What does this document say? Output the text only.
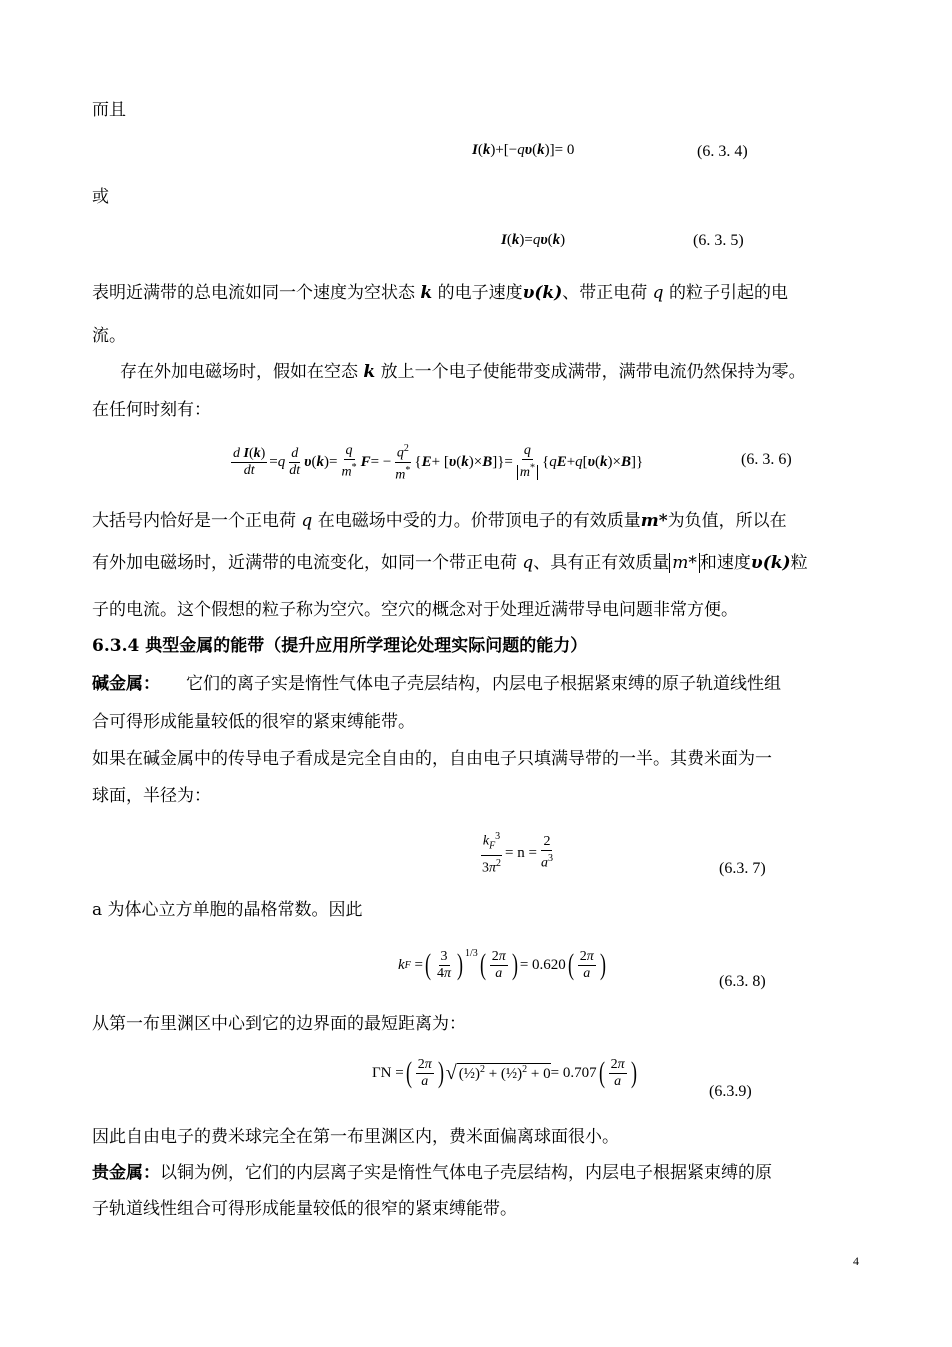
而且
I ( k )+[− q υ ( k )]= 0	(6. 3. 4)
或
I ( k )= q υ ( k )	(6. 3. 5)
表明近满带的总电流如同一个速度为空状态 k 的电子速度υ(k)、带正电荷 q 的粒子引起的电
流。
存在外加电磁场时，假如在空态 k 放上一个电子使能带变成满带，满带电流仍然保持为零。
在任何时刻有：
$\frac{\text{d I(k)}}{dt} = q \frac{d}{dt}$ υ ( k )= $\frac{q}{m^*}$ F = − $\frac{q^2}{m^*}$ { E + [ υ ( k )× B ]}= $\frac{q}{m^*}$ { q E + q [ υ ( k )× B ]}	(6. 3. 6)
大括号内恰好是一个正电荷 q 在电磁场中受的力。价带顶电子的有效质量m*为负值，所以在
有外加电磁场时，近满带的电流变化，如同一个带正电荷 q、具有正有效质量 m* 和速度υ(k)粒
子的电流。这个假想的粒子称为空穴。空穴的概念对于处理近满带导电问题非常方便。
6.3.4 典型金属的能带（提升应用所学理论处理实际问题的能力）
碱金属： 它们的离子实是惰性气体电子壳层结构，内层电子根据紧束缚的原子轨道线性组
合可得形成能量较低的很窄的紧束缚能带。
如果在碱金属中的传导电子看成是完全自由的，自由电子只填满导带的一半。其费米面为一
球面，半径为：
$\frac{k_F^3}{3\pi^2} = n = \frac{2}{a^3}$	(6.3. 7)
a 为体心立方单胞的晶格常数。因此
k F = ( $\frac{3}{4\pi} )^{1/3}$ ( $\frac{2\pi}{a}$ ) = 0.620 ( $\frac{2\pi}{a}$ )
(6.3. 8)
从第一布里渊区中心到它的边界面的最短距离为：
ΓN = ( $\frac{2\pi}{a}$ ) √ (½)$^2$ + (½)$^2$ + 0 = 0.707 ( $\frac{2\pi}{a}$ )
(6.3.9)
因此自由电子的费米球完全在第一布里渊区内，费米面偏离球面很小。
贵金属：以铜为例，它们的内层离子实是惰性气体电子壳层结构，内层电子根据紧束缚的原
子轨道线性组合可得形成能量较低的很窄的紧束缚能带。
4
